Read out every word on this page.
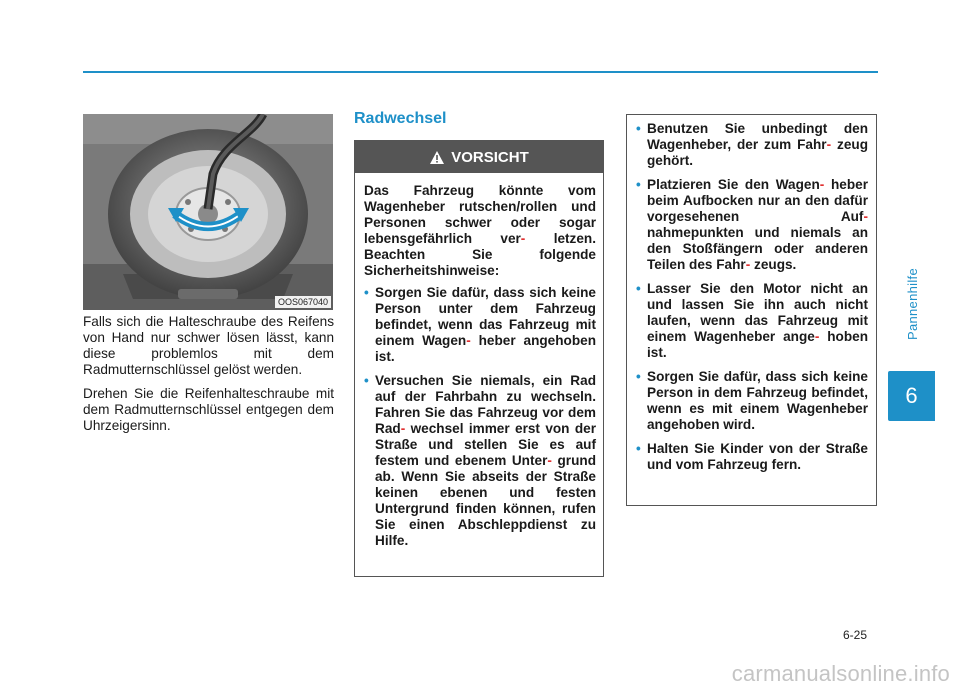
Pannenhilfe
6
OOS067040

Falls sich die Halteschraube des Reifens von Hand nur schwer lösen lässt, kann diese problemlos mit dem Radmutternschlüssel gelöst werden.

Drehen Sie die Reifenhalteschraube mit dem Radmutternschlüssel entgegen dem Uhrzeigersinn.

Radwechsel
VORSICHT

Das Fahrzeug könnte vom Wagenheber rutschen/rollen und Personen schwer oder sogar lebensgefährlich ver- letzen. Beachten Sie folgende Sicherheitshinweise:

• Sorgen Sie dafür, dass sich keine Person unter dem Fahrzeug befindet, wenn das Fahrzeug mit einem Wagen- heber angehoben ist.
• Versuchen Sie niemals, ein Rad auf der Fahrbahn zu wechseln. Fahren Sie das Fahrzeug vor dem Rad- wechsel immer erst von der Straße und stellen Sie es auf festem und ebenem Unter- grund ab. Wenn Sie abseits der Straße keinen ebenen und festen Untergrund finden können, rufen Sie einen Abschleppdienst zu Hilfe.
• Benutzen Sie unbedingt den Wagenheber, der zum Fahr- zeug gehört.
• Platzieren Sie den Wagen- heber beim Aufbocken nur an den dafür vorgesehenen Auf- nahmepunkten und niemals an den Stoßfängern oder anderen Teilen des Fahr- zeugs.
• Lasser Sie den Motor nicht an und lassen Sie ihn auch nicht laufen, wenn das Fahrzeug mit einem Wagenheber ange- hoben ist.
• Sorgen Sie dafür, dass sich keine Person in dem Fahrzeug befindet, wenn es mit einem Wagenheber angehoben wird.
• Halten Sie Kinder von der Straße und vom Fahrzeug fern.
6-25
carmanualsonline.info
